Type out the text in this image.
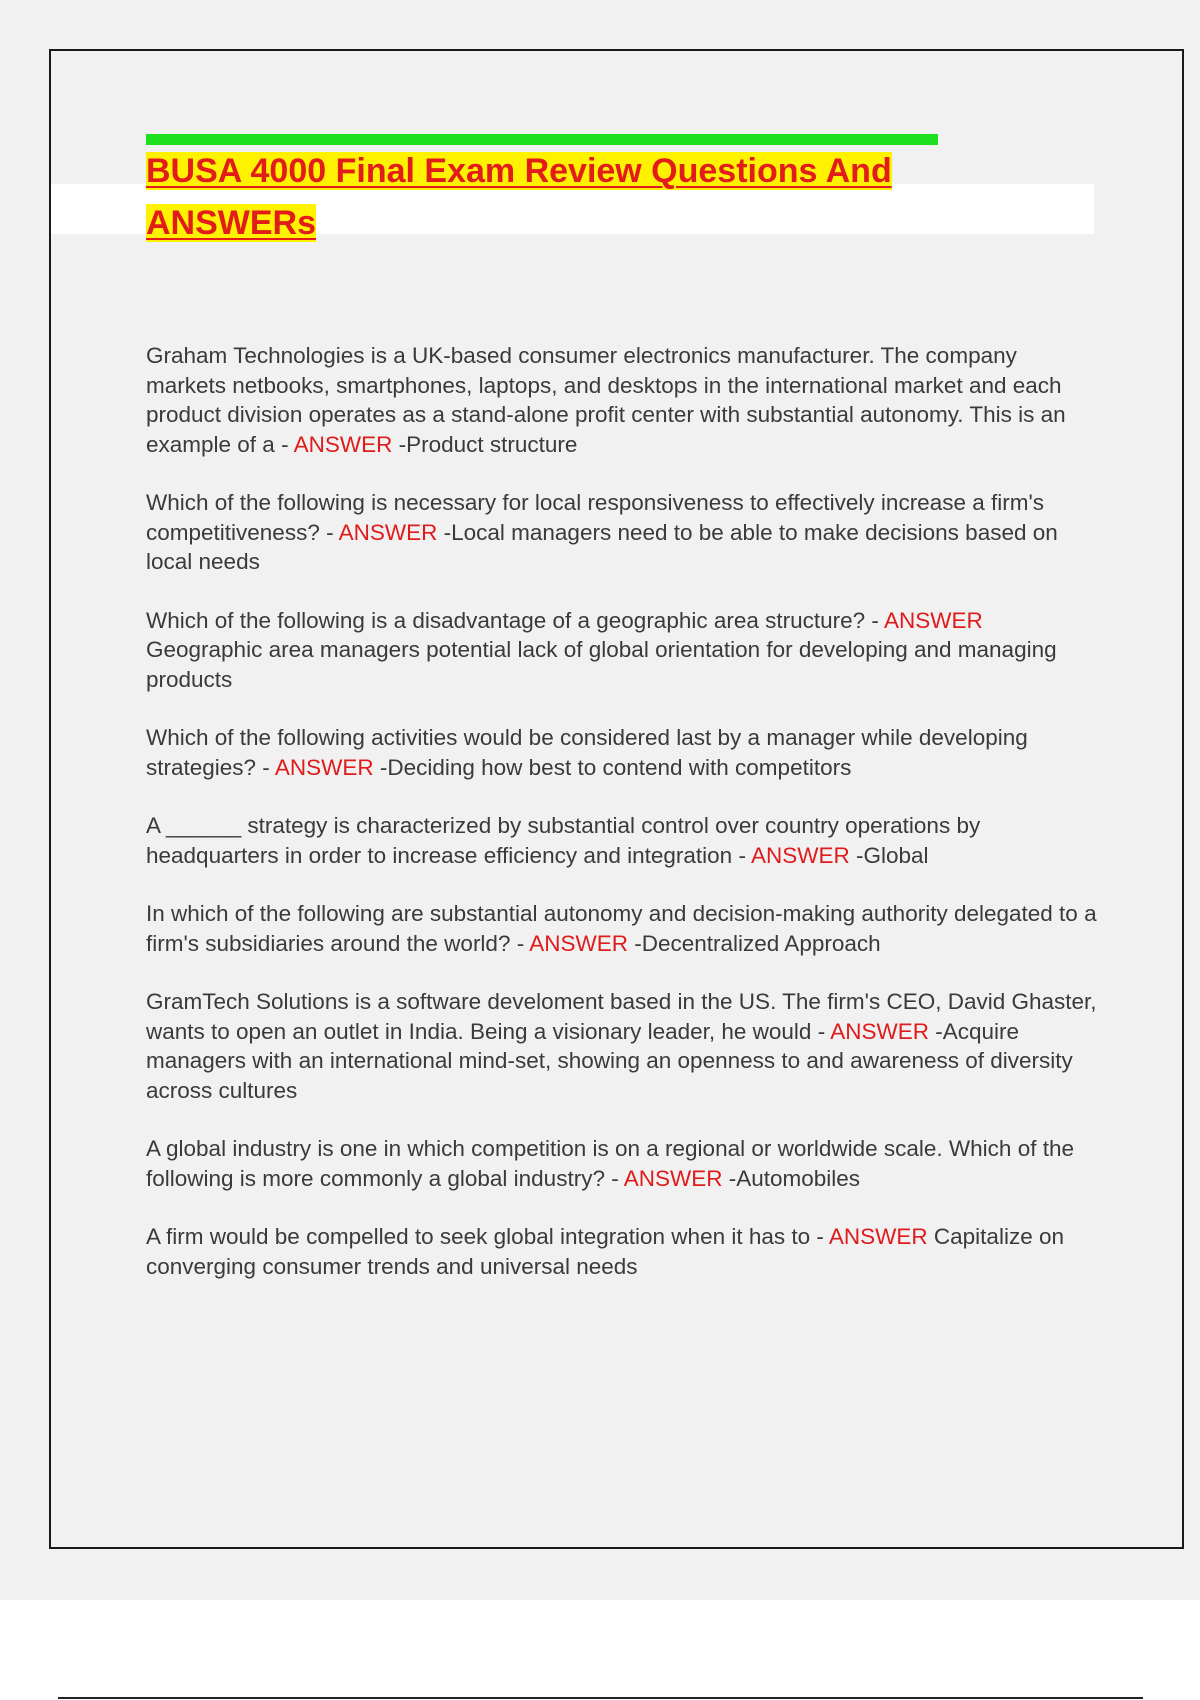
BUSA 4000 Final Exam Review Questions And ANSWERs

Graham Technologies is a UK-based consumer electronics manufacturer. The company markets netbooks, smartphones, laptops, and desktops in the international market and each product division operates as a stand-alone profit center with substantial autonomy. This is an example of a - ANSWER -Product structure

Which of the following is necessary for local responsiveness to effectively increase a firm's competitiveness? - ANSWER -Local managers need to be able to make decisions based on local needs

Which of the following is a disadvantage of a geographic area structure? - ANSWER Geographic area managers potential lack of global orientation for developing and managing products

Which of the following activities would be considered last by a manager while developing strategies? - ANSWER -Deciding how best to contend with competitors

A ______ strategy is characterized by substantial control over country operations by headquarters in order to increase efficiency and integration - ANSWER -Global

In which of the following are substantial autonomy and decision-making authority delegated to a firm's subsidiaries around the world? - ANSWER -Decentralized Approach

GramTech Solutions is a software develoment based in the US. The firm's CEO, David Ghaster, wants to open an outlet in India. Being a visionary leader, he would - ANSWER -Acquire managers with an international mind-set, showing an openness to and awareness of diversity across cultures

A global industry is one in which competition is on a regional or worldwide scale. Which of the following is more commonly a global industry? - ANSWER -Automobiles

A firm would be compelled to seek global integration when it has to - ANSWER Capitalize on converging consumer trends and universal needs
